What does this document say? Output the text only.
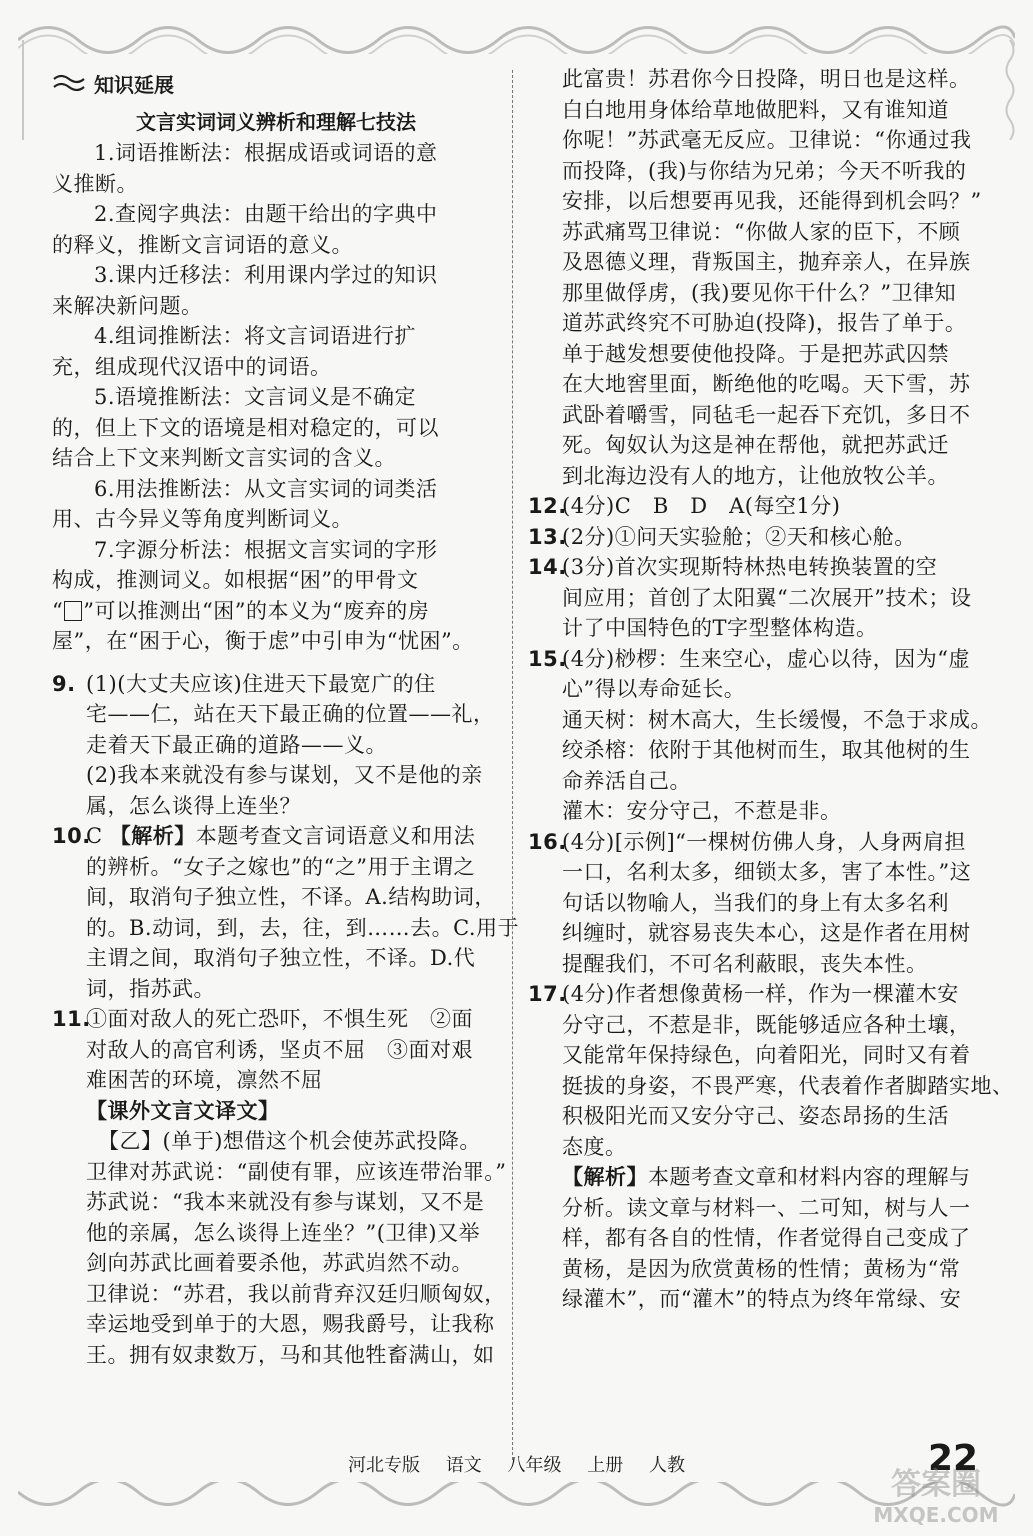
知识延展
文言实词词义辨析和理解七技法
1.词语推断法：根据成语或词语的意
义推断。
2.查阅字典法：由题干给出的字典中
的释义，推断文言词语的意义。
3.课内迁移法：利用课内学过的知识
来解决新问题。
4.组词推断法：将文言词语进行扩
充，组成现代汉语中的词语。
5.语境推断法：文言词义是不确定
的，但上下文的语境是相对稳定的，可以
结合上下文来判断文言实词的含义。
6.用法推断法：从文言实词的词类活
用、古今异义等角度判断词义。
7.字源分析法：根据文言实词的字形
构成，推测词义。如根据“困”的甲骨文
“ ”可以推测出“困”的本义为“废弃的房
屋”，在“困于心，衡于虑”中引申为“忧困”。
9. (1)(大丈夫应该)住进天下最宽广的住
宅——仁，站在天下最正确的位置——礼，
走着天下最正确的道路——义。
(2)我本来就没有参与谋划，又不是他的亲
属，怎么谈得上连坐？
10.C 【解析】本题考查文言词语意义和用法
的辨析。“女子之嫁也”的“之”用于主谓之
间，取消句子独立性，不译。A.结构助词，
的。B.动词，到，去，往，到……去。C.用于
主谓之间，取消句子独立性，不译。D.代
词，指苏武。
11.①面对敌人的死亡恐吓，不惧生死　②面
对敌人的高官利诱，坚贞不屈　③面对艰
难困苦的环境，凛然不屈
【课外文言文译文】
【乙】(单于)想借这个机会使苏武投降。
卫律对苏武说：“副使有罪，应该连带治罪。”
苏武说：“我本来就没有参与谋划，又不是
他的亲属，怎么谈得上连坐？”(卫律)又举
剑向苏武比画着要杀他，苏武岿然不动。
卫律说：“苏君，我以前背弃汉廷归顺匈奴，
幸运地受到单于的大恩，赐我爵号，让我称
王。拥有奴隶数万，马和其他牲畜满山，如
此富贵！苏君你今日投降，明日也是这样。
白白地用身体给草地做肥料，又有谁知道
你呢！”苏武毫无反应。卫律说：“你通过我
而投降，(我)与你结为兄弟；今天不听我的
安排，以后想要再见我，还能得到机会吗？”
苏武痛骂卫律说：“你做人家的臣下，不顾
及恩德义理，背叛国主，抛弃亲人，在异族
那里做俘虏，(我)要见你干什么？”卫律知
道苏武终究不可胁迫(投降)，报告了单于。
单于越发想要使他投降。于是把苏武囚禁
在大地窖里面，断绝他的吃喝。天下雪，苏
武卧着嚼雪，同毡毛一起吞下充饥，多日不
死。匈奴认为这是神在帮他，就把苏武迁
到北海边没有人的地方，让他放牧公羊。
12.(4分)C　B　D　A(每空1分)
13.(2分)①问天实验舱；②天和核心舱。
14.(3分)首次实现斯特林热电转换装置的空
间应用；首创了太阳翼“二次展开”技术；设
计了中国特色的T字型整体构造。
15.(4分)桫椤：生来空心，虚心以待，因为“虚
心”得以寿命延长。
通天树：树木高大，生长缓慢，不急于求成。
绞杀榕：依附于其他树而生，取其他树的生
命养活自己。
灌木：安分守己，不惹是非。
16.(4分)[示例]“一棵树仿佛人身，人身两肩担
一口，名利太多，细锁太多，害了本性。”这
句话以物喻人，当我们的身上有太多名利
纠缠时，就容易丧失本心，这是作者在用树
提醒我们，不可名利蔽眼，丧失本性。
17.(4分)作者想像黄杨一样，作为一棵灌木安
分守己，不惹是非，既能够适应各种土壤，
又能常年保持绿色，向着阳光，同时又有着
挺拔的身姿，不畏严寒，代表着作者脚踏实地、
积极阳光而又安分守己、姿态昂扬的生活
态度。
【解析】本题考查文章和材料内容的理解与
分析。读文章与材料一、二可知，树与人一
样，都有各自的性情，作者觉得自己变成了
黄杨，是因为欣赏黄杨的性情；黄杨为“常
绿灌木”，而“灌木”的特点为终年常绿、安
河北专版 语文 八年级 上册 人教	22
答案圈
MXQE.COM
